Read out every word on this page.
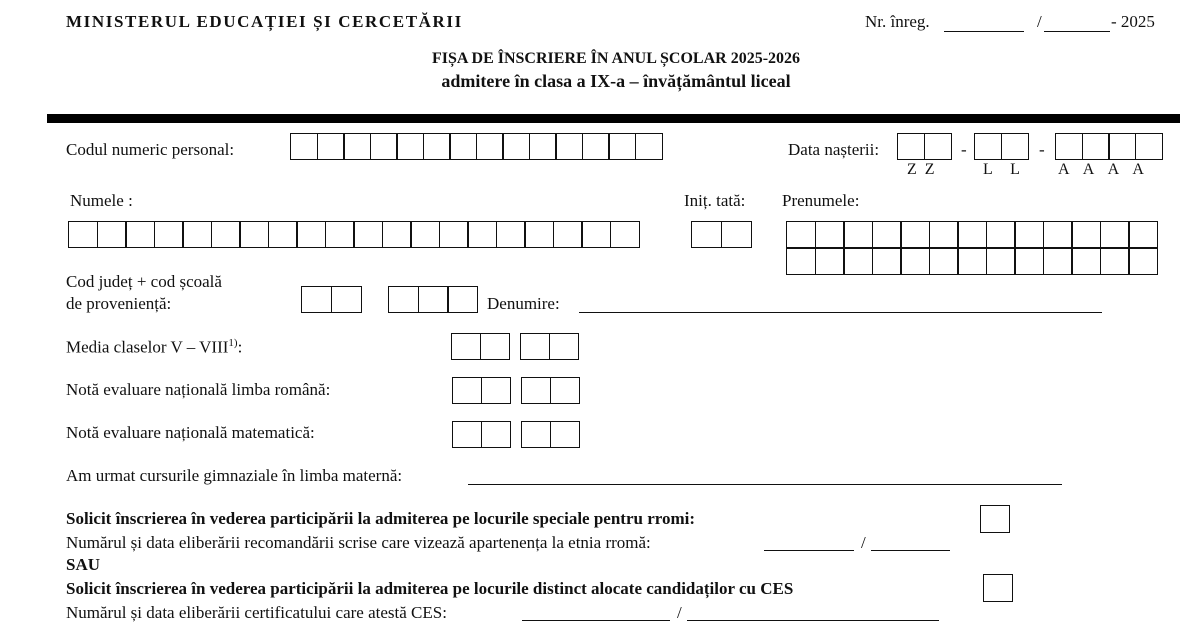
MINISTERUL EDUCAȚIEI ȘI CERCETĂRII	Nr. înreg.	/	- 2025
FIȘA DE ÎNSCRIERE ÎN ANUL ȘCOLAR 2025-2026
admitere în clasa a IX-a – învățământul liceal
Codul numeric personal:	Data nașterii:	-	-
Z Z	L L A A A A
Numele :	Iniț. tată: Prenumele:
Cod județ + cod școală
de proveniență:	Denumire:
Media claselor V – VIII$^{1)}$:
Notă evaluare națională limba română:
Notă evaluare națională matematică:
Am urmat cursurile gimnaziale în limba maternă:
Solicit înscrierea în vederea participării la admiterea pe locurile speciale pentru rromi:
Numărul și data eliberării recomandării scrise care vizează apartenența la etnia rromă:	/
SAU
Solicit înscrierea în vederea participării la admiterea pe locurile distinct alocate candidaților cu CES
Numărul și data eliberării certificatului care atestă CES:	/
